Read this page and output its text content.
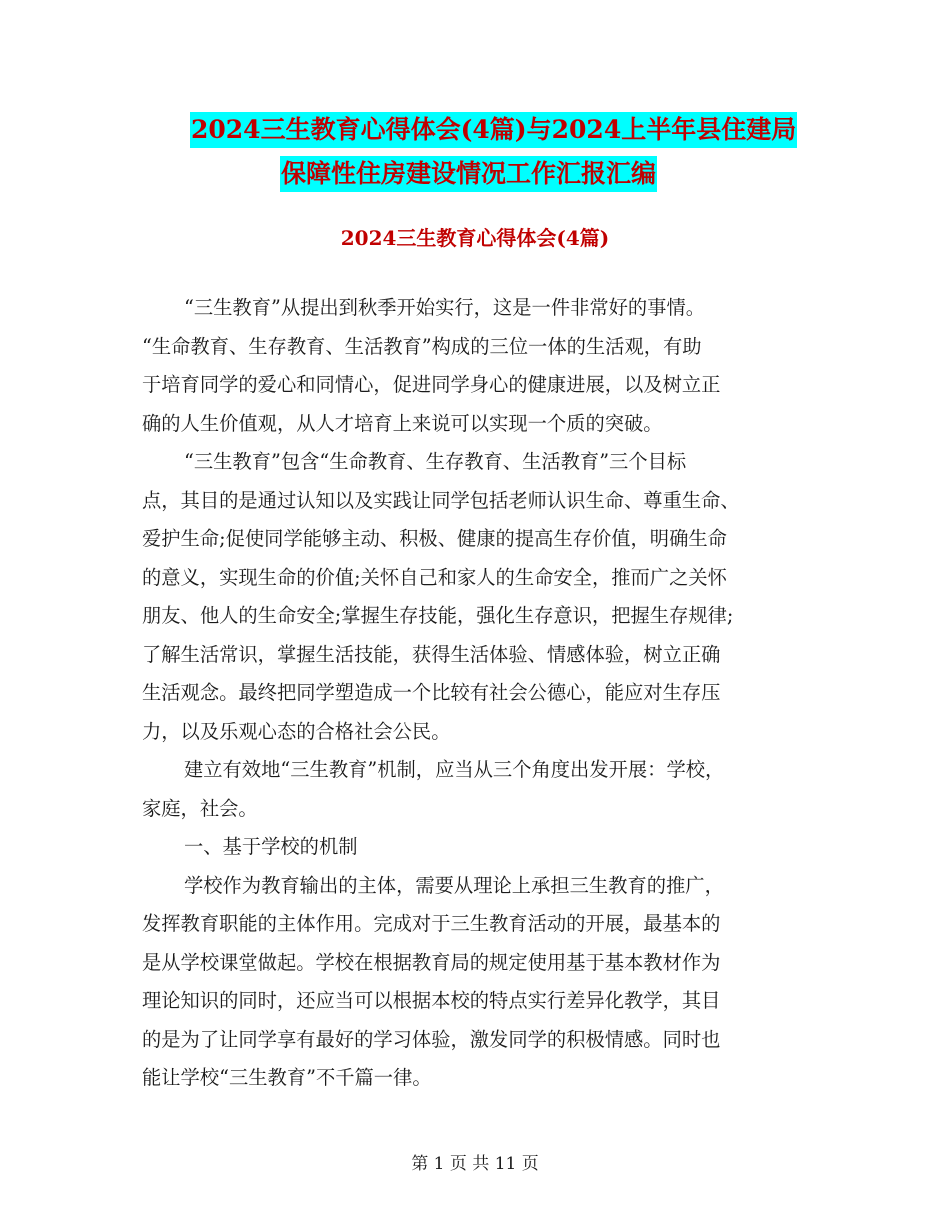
2024三生教育心得体会(4篇)与2024上半年县住建局
保障性住房建设情况工作汇报汇编
2024三生教育心得体会(4篇)
“三生教育”从提出到秋季开始实行，这是一件非常好的事情。
“生命教育、生存教育、生活教育”构成的三位一体的生活观，有助
于培育同学的爱心和同情心，促进同学身心的健康进展，以及树立正
确的人生价值观，从人才培育上来说可以实现一个质的突破。
“三生教育”包含“生命教育、生存教育、生活教育”三个目标
点，其目的是通过认知以及实践让同学包括老师认识生命、尊重生命、
爱护生命;促使同学能够主动、积极、健康的提高生存价值，明确生命
的意义，实现生命的价值;关怀自己和家人的生命安全，推而广之关怀
朋友、他人的生命安全;掌握生存技能，强化生存意识，把握生存规律;
了解生活常识，掌握生活技能，获得生活体验、情感体验，树立正确
生活观念。最终把同学塑造成一个比较有社会公德心，能应对生存压
力，以及乐观心态的合格社会公民。
建立有效地“三生教育”机制，应当从三个角度出发开展：学校，
家庭，社会。
一、基于学校的机制
学校作为教育输出的主体，需要从理论上承担三生教育的推广，
发挥教育职能的主体作用。完成对于三生教育活动的开展，最基本的
是从学校课堂做起。学校在根据教育局的规定使用基于基本教材作为
理论知识的同时，还应当可以根据本校的特点实行差异化教学，其目
的是为了让同学享有最好的学习体验，激发同学的积极情感。同时也
能让学校“三生教育”不千篇一律。
第 1 页 共 11 页
